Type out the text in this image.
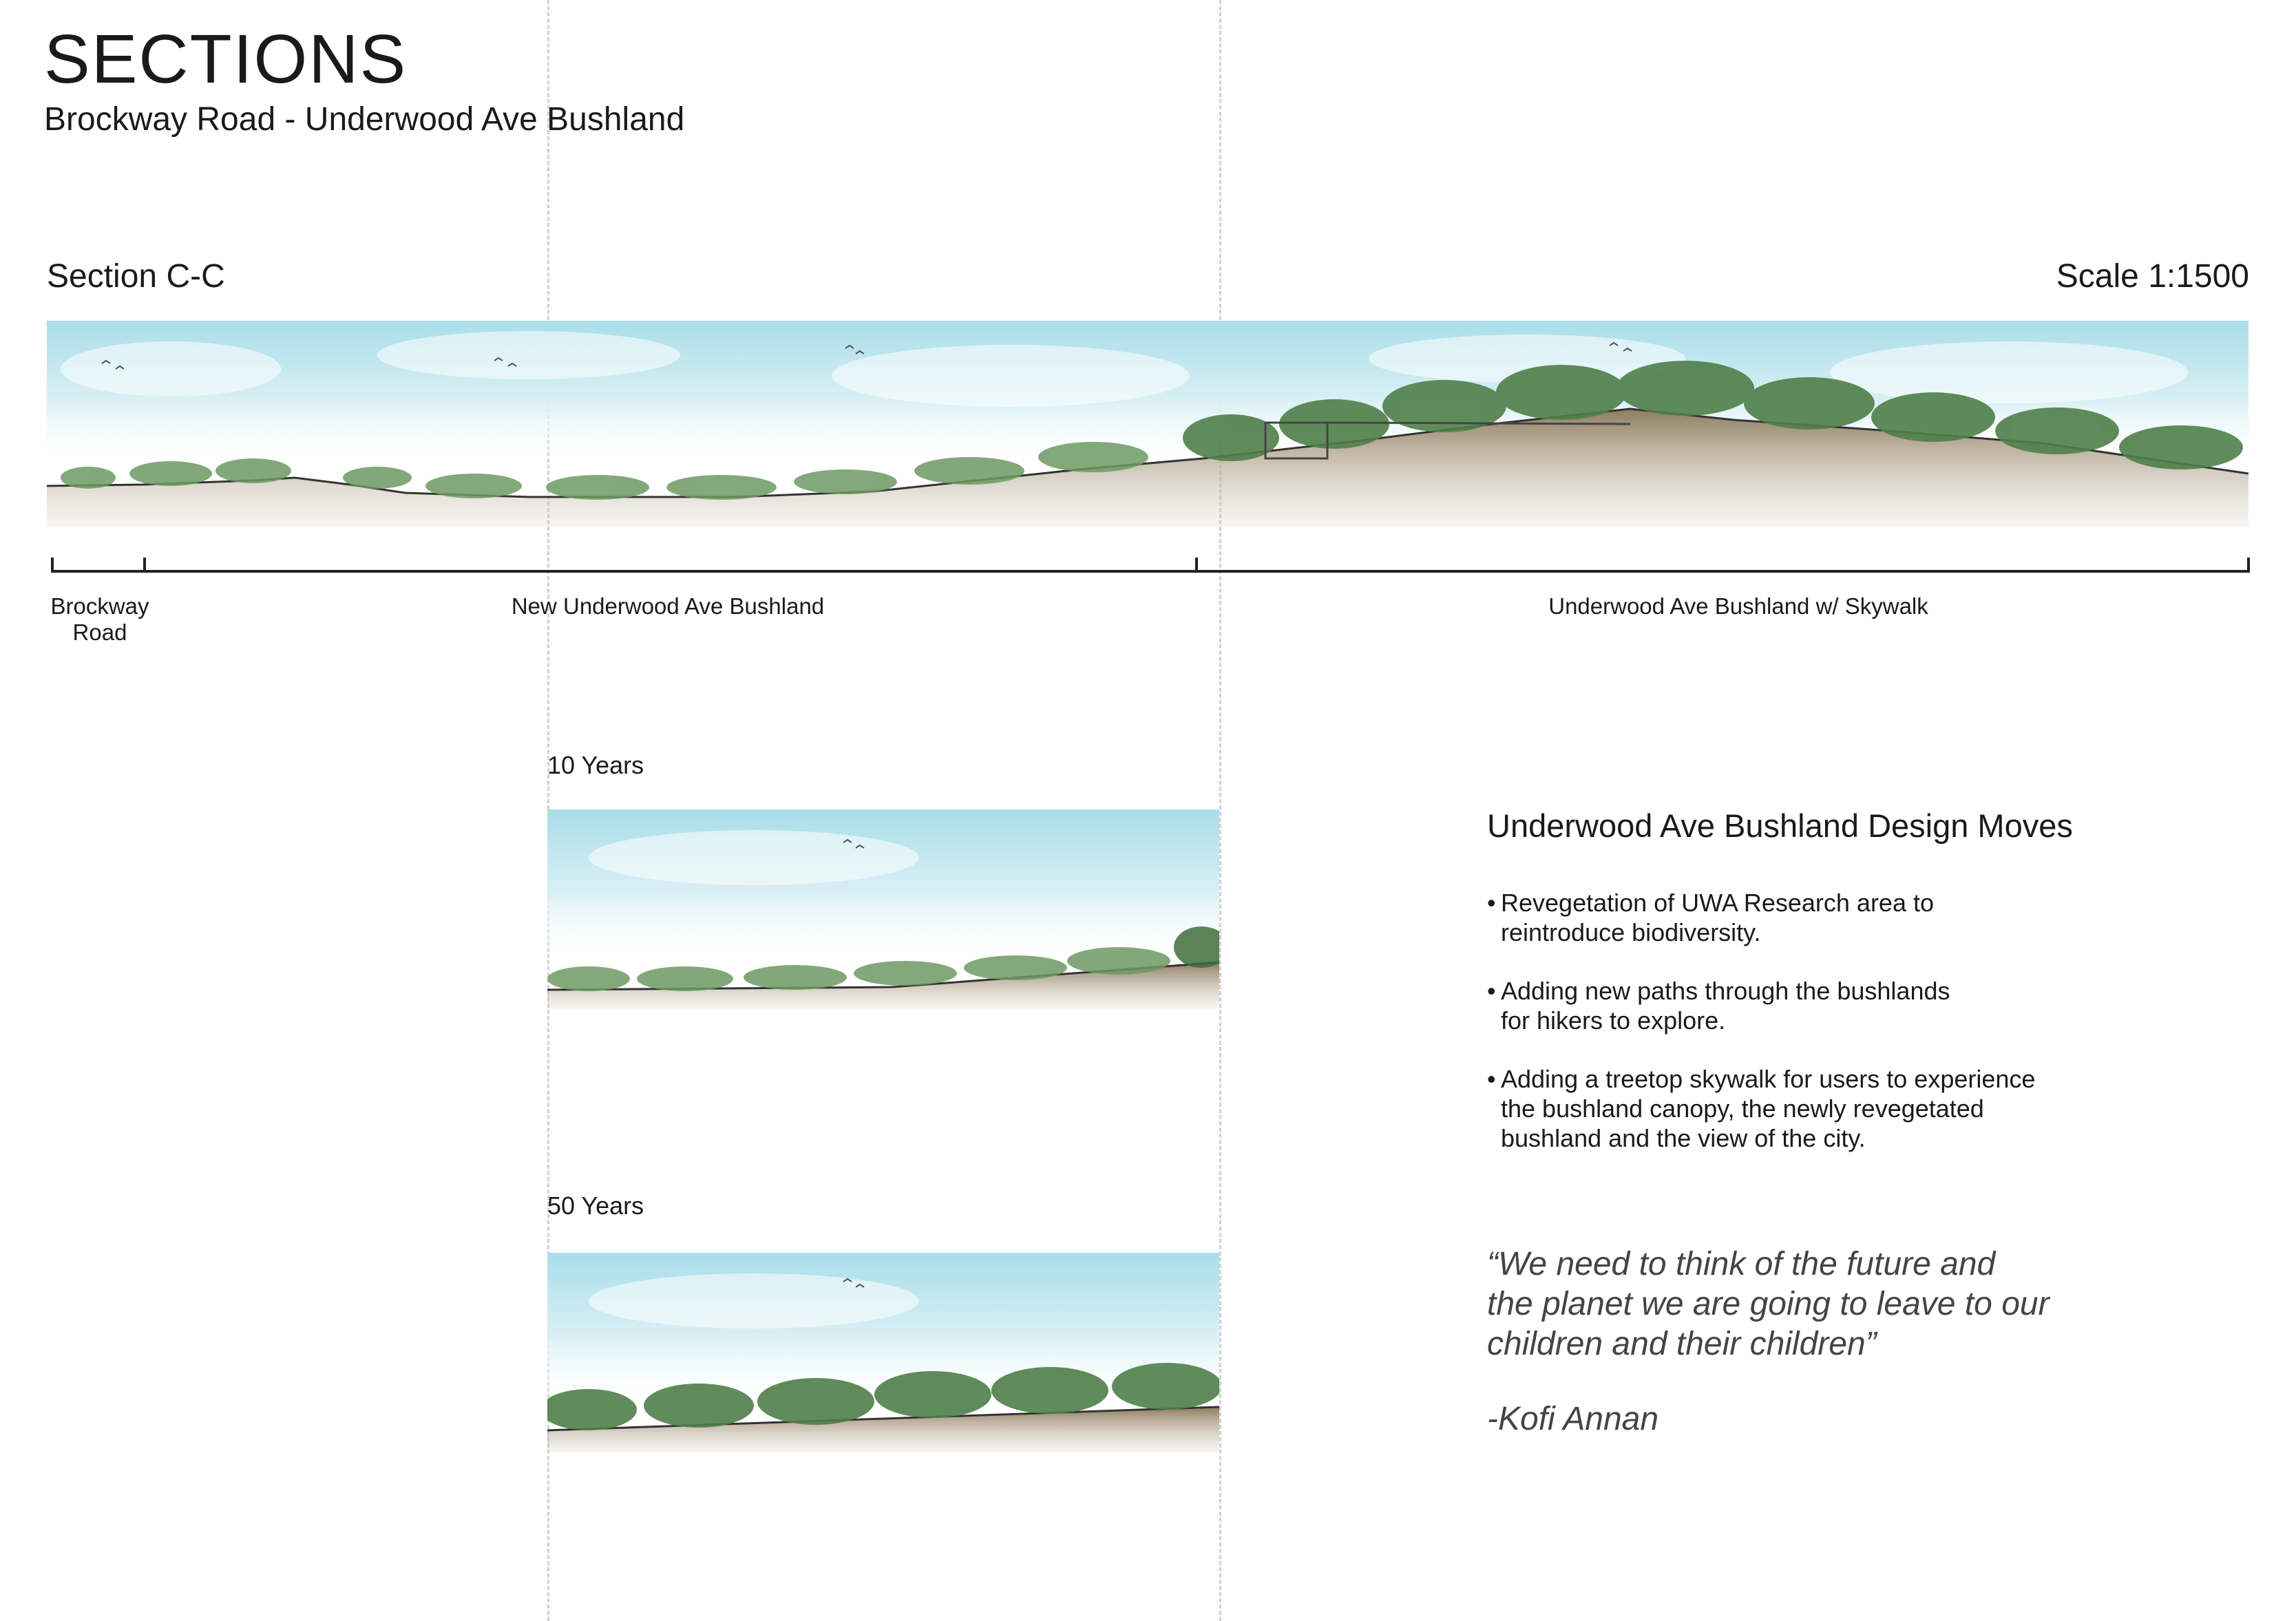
SECTIONS
Brockway Road - Underwood Ave Bushland
Section C-C	Scale 1:1500
Brockway
Road
New Underwood Ave Bushland	Underwood Ave Bushland w/ Skywalk
10 Years
50 Years
Underwood Ave Bushland Design Moves
• Revegetation of UWA Research area to
reintroduce biodiversity.
• Adding new paths through the bushlands
for hikers to explore.
• Adding a treetop skywalk for users to experience
the bushland canopy, the newly revegetated
bushland and the view of the city.
“We need to think of the future and
the planet we are going to leave to our
children and their children”
-Kofi Annan
